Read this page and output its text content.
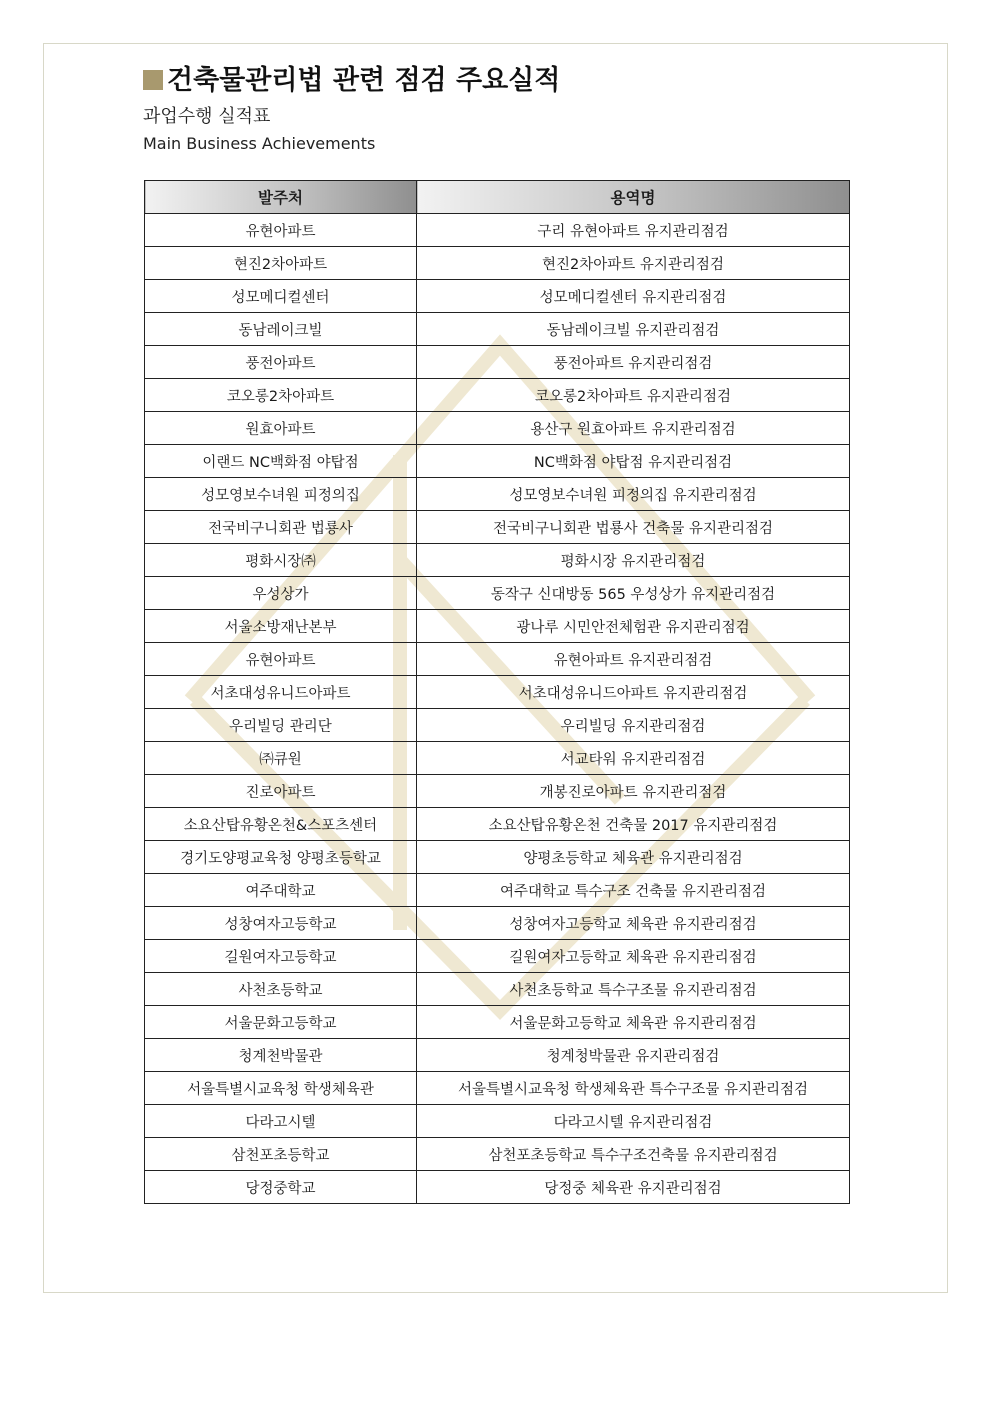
건축물관리법 관련 점검 주요실적
과업수행 실적표
Main Business Achievements
발주처	용역명
유현아파트	구리 유현아파트 유지관리점검
현진2차아파트	현진2차아파트 유지관리점검
성모메디컬센터	성모메디컬센터 유지관리점검
동남레이크빌	동남레이크빌 유지관리점검
풍전아파트	풍전아파트 유지관리점검
코오롱2차아파트	코오롱2차아파트 유지관리점검
원효아파트	용산구 원효아파트 유지관리점검
이랜드 NC백화점 야탑점	NC백화점 야탑점 유지관리점검
성모영보수녀원 피정의집	성모영보수녀원 피정의집 유지관리점검
전국비구니회관 법룡사	전국비구니회관 법룡사 건축물 유지관리점검
평화시장㈜	평화시장 유지관리점검
우성상가	동작구 신대방동 565 우성상가 유지관리점검
서울소방재난본부	광나루 시민안전체험관 유지관리점검
유현아파트	유현아파트 유지관리점검
서초대성유니드아파트	서초대성유니드아파트 유지관리점검
우리빌딩 관리단	우리빌딩 유지관리점검
㈜큐원	서교타워 유지관리점검
진로아파트	개봉진로아파트 유지관리점검
소요산탑유황온천&스포츠센터	소요산탑유황온천 건축물 2017 유지관리점검
경기도양평교육청 양평초등학교	양평초등학교 체육관 유지관리점검
여주대학교	여주대학교 특수구조 건축물 유지관리점검
성창여자고등학교	성창여자고등학교 체육관 유지관리점검
길원여자고등학교	길원여자고등학교 체육관 유지관리점검
사천초등학교	사천초등학교 특수구조물 유지관리점검
서울문화고등학교	서울문화고등학교 체육관 유지관리점검
청계천박물관	청계청박물관 유지관리점검
서울특별시교육청 학생체육관	서울특별시교육청 학생체육관 특수구조물 유지관리점검
다라고시텔	다라고시텔 유지관리점검
삼천포초등학교	삼천포초등학교 특수구조건축물 유지관리점검
당정중학교	당정중 체육관 유지관리점검
